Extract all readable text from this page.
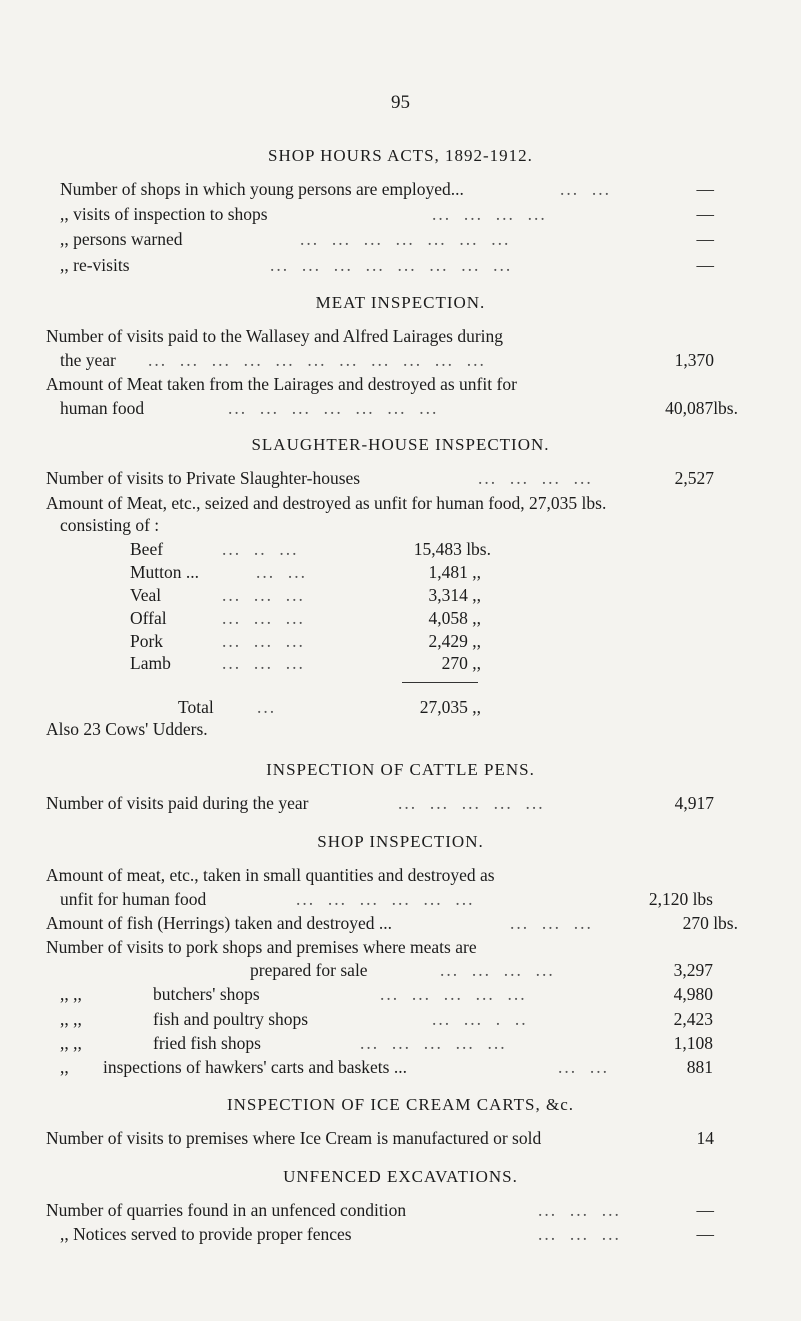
95
SHOP HOURS ACTS, 1892-1912.
Number of shops in which young persons are employed...	...  ...	—
,, visits of inspection to shops	...  ...  ...  ...	—
,, persons warned	...  ...  ...  ...  ...  ...  ...	—
,, re-visits	...  ...  ...  ...  ...  ...  ...  ...	—
MEAT INSPECTION.
Number of visits paid to the Wallasey and Alfred Lairages during
the year ...  ...  ...  ...  ...  ...  ...  ...  ...  ...  ...	1,370
Amount of Meat taken from the Lairages and destroyed as unfit for
human food	...  ...  ...  ...  ...  ...  ...	40,087lbs.
SLAUGHTER-HOUSE INSPECTION.
Number of visits to Private Slaughter-houses	...  ...  ...  ...	2,527
Amount of Meat, etc., seized and destroyed as unfit for human food, 27,035 lbs.
consisting of :
Beef	...  ..  ...	15,483 lbs.
Mutton ...	...  ...	1,481 ,,
Veal	...  ...  ...	3,314 ,,
Offal	...  ...  ...	4,058 ,,
Pork	...  ...  ...	2,429 ,,
Lamb	...  ...  ...	270 ,,
Total ...	27,035 ,,
Also 23 Cows' Udders.
INSPECTION OF CATTLE PENS.
Number of visits paid during the year	...  ...  ...  ...  ...	4,917
SHOP INSPECTION.
Amount of meat, etc., taken in small quantities and destroyed as
unfit for human food	...  ...  ...  ...  ...  ...	2,120 lbs
Amount of fish (Herrings) taken and destroyed ...	...  ...  ...	270 lbs.
Number of visits to pork shops and premises where meats are
prepared for sale	...  ...  ...  ...	3,297
,, ,,	butchers' shops	...  ...  ...  ...  ...	4,980
,, ,,	fish and poultry shops	...  ...  .  ..	2,423
,, ,,	fried fish shops	...  ...  ...  ...  ...	1,108
,, inspections of hawkers' carts and baskets ...	...  ...	881
INSPECTION OF ICE CREAM CARTS, &c.
Number of visits to premises where Ice Cream is manufactured or sold	14
UNFENCED EXCAVATIONS.
Number of quarries found in an unfenced condition	...  ...  ...	—
,, Notices served to provide proper fences	...  ...  ...	—
